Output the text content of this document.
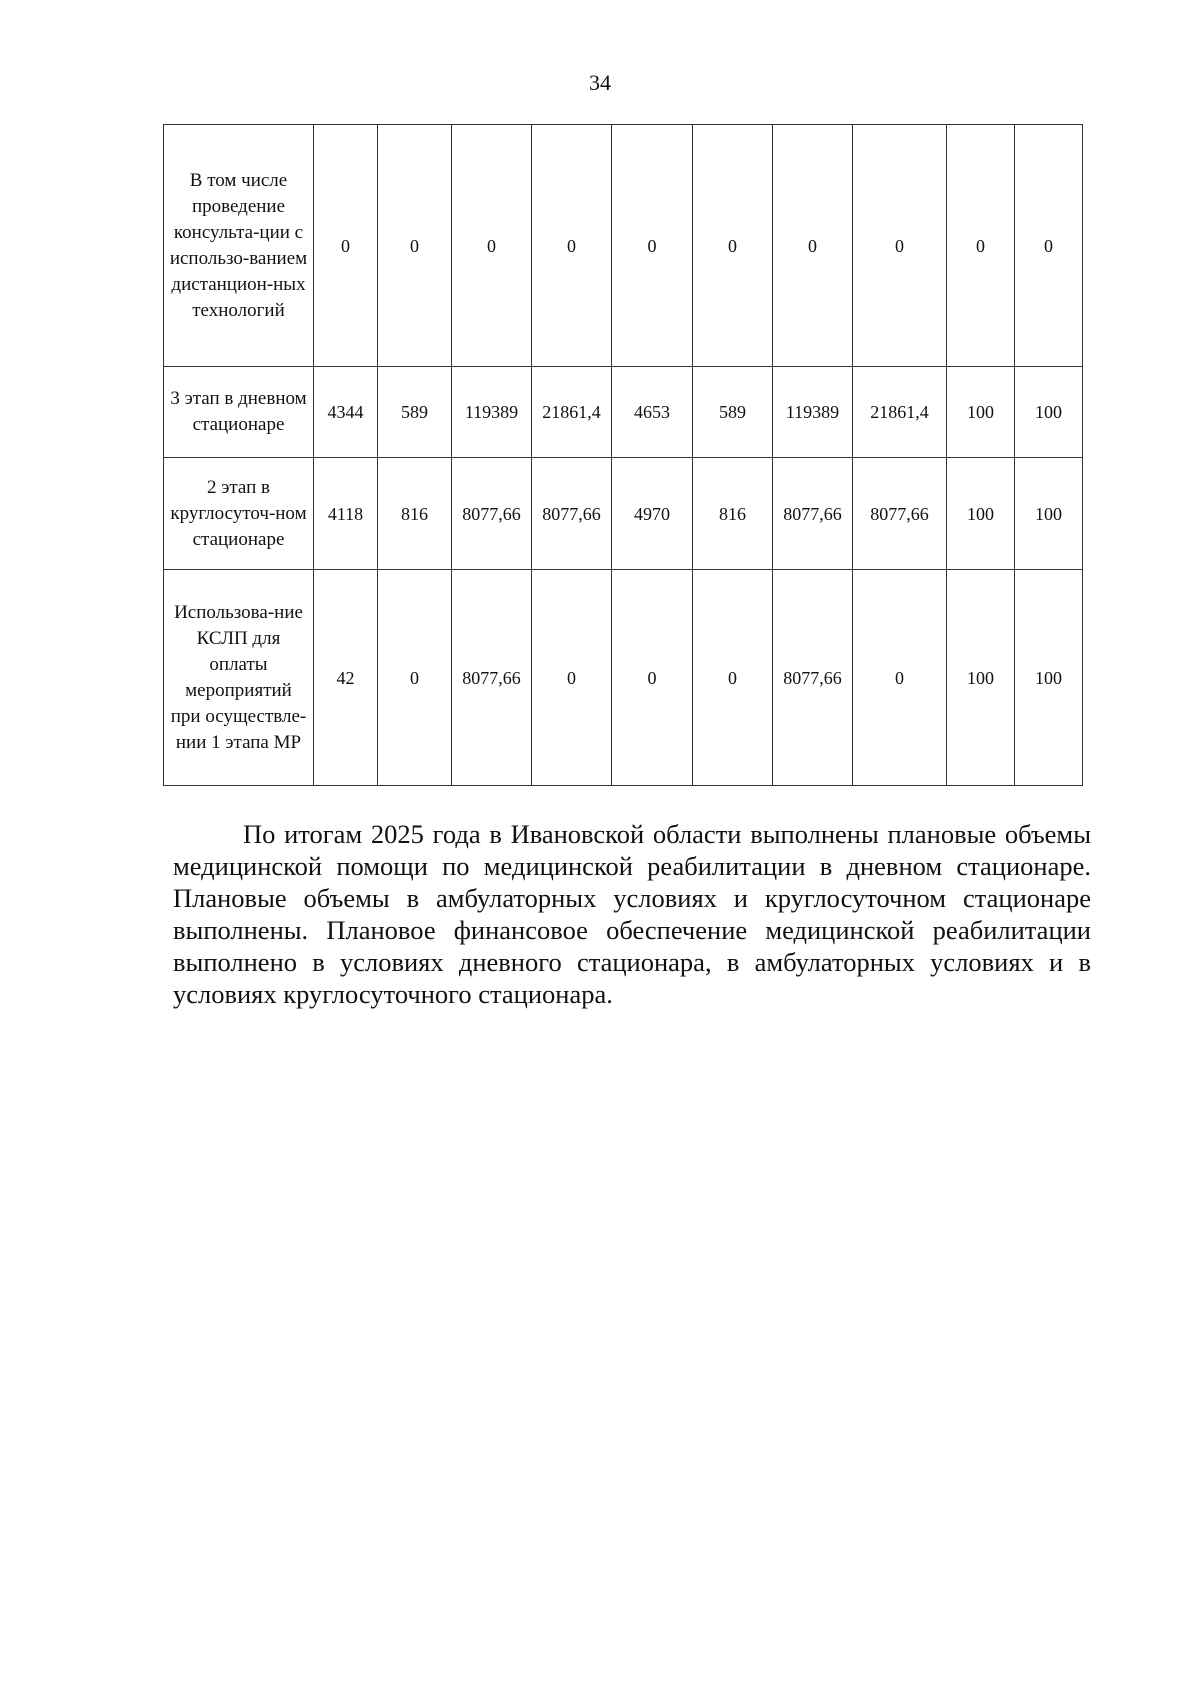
34
В том числе проведение консульта-ции с использо-ванием дистанцион-ных технологий	0	0	0	0	0	0	0	0	0	0
3 этап в дневном стационаре	4344	589	119389	21861,4	4653	589	119389	21861,4	100	100
2 этап в круглосуточ-ном стационаре	4118	816	8077,66	8077,66	4970	816	8077,66	8077,66	100	100
Использова-ние КСЛП для оплаты мероприятий при осуществле-нии 1 этапа МР	42	0	8077,66	0	0	0	8077,66	0	100	100

По итогам 2025 года в Ивановской области выполнены плановые объемы медицинской помощи по медицинской реабилитации в дневном стационаре. Плановые объемы в амбулаторных условиях и круглосуточном стационаре выполнены. Плановое финансовое обеспечение медицинской реабилитации выполнено в условиях дневного стационара, в амбулаторных условиях и в условиях круглосуточного стационара.
